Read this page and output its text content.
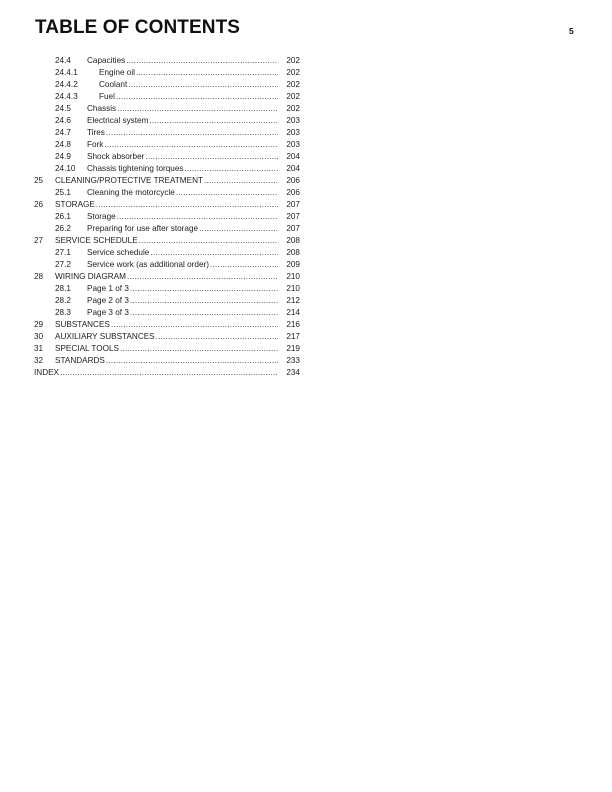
TABLE OF CONTENTS	5
24.4 Capacities .....	202
24.4.1	Engine oil .....	202
24.4.2	Coolant .....	202
24.4.3	Fuel .....	202
24.5 Chassis .....	202
24.6 Electrical system .....	203
24.7 Tires .....	203
24.8 Fork .....	203
24.9 Shock absorber .....	204
24.10 Chassis tightening torques .....	204
25 CLEANING/PROTECTIVE TREATMENT .....	206
25.1 Cleaning the motorcycle .....	206
26 STORAGE .....	207
26.1 Storage .....	207
26.2 Preparing for use after storage .....	207
27 SERVICE SCHEDULE .....	208
27.1 Service schedule .....	208
27.2 Service work (as additional order) .....	209
28 WIRING DIAGRAM .....	210
28.1 Page 1 of 3 .....	210
28.2 Page 2 of 3 .....	212
28.3 Page 3 of 3 .....	214
29 SUBSTANCES .....	216
30 AUXILIARY SUBSTANCES .....	217
31 SPECIAL TOOLS .....	219
32 STANDARDS .....	233
INDEX .....	234
